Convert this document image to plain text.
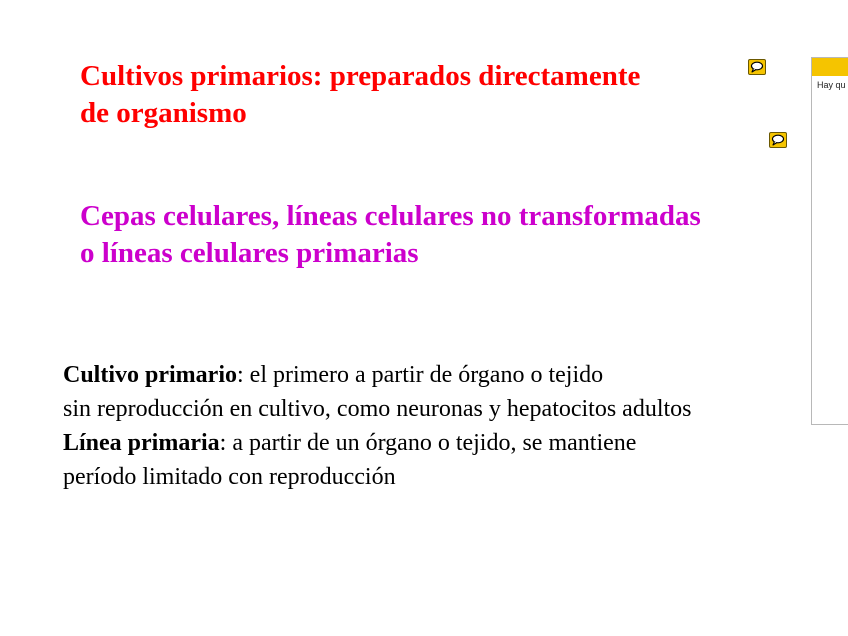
Cultivos primarios: preparados directamente
de organismo
Cepas celulares, líneas celulares no transformadas
o líneas celulares primarias
Cultivo primario: el primero a partir de órgano o tejido
sin reproducción en cultivo, como neuronas y hepatocitos adultos
Línea primaria: a partir de un órgano o tejido, se mantiene
período limitado con reproducción
Hay qu
